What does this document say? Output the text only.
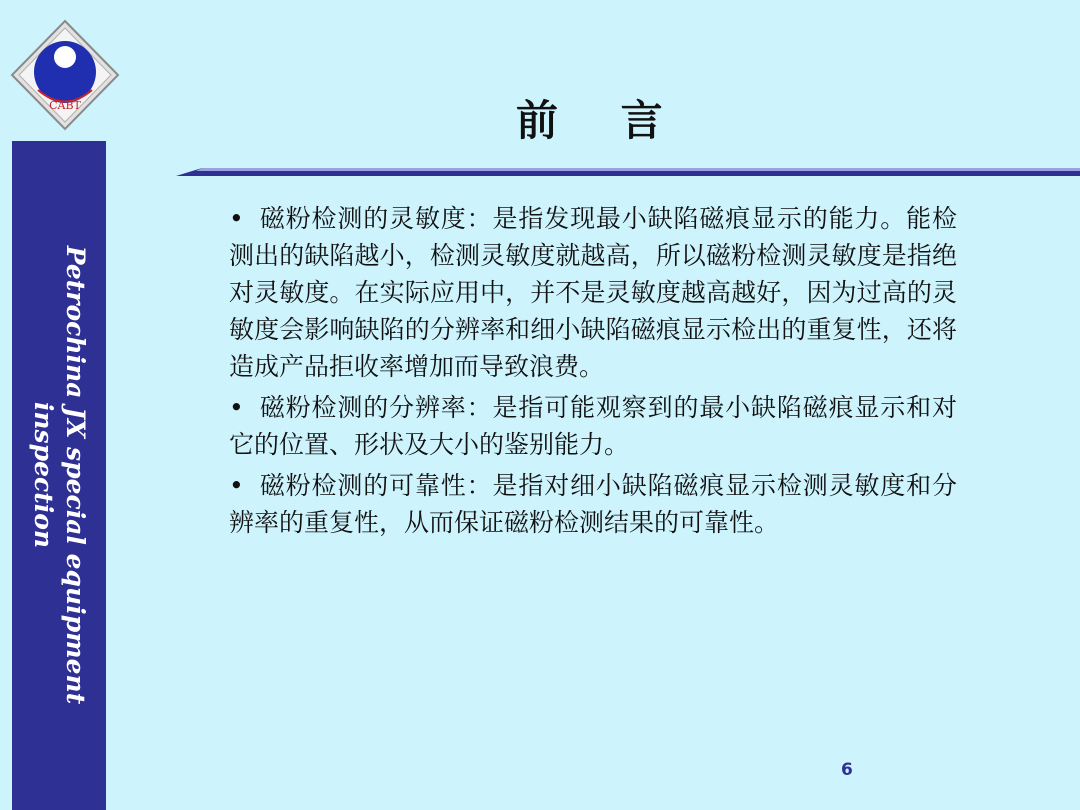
CABT
Petrochina JX special equipment inspection
前 言

• 磁粉检测的灵敏度：是指发现最小缺陷磁痕显示的能力。能检测出的缺陷越小，检测灵敏度就越高，所以磁粉检测灵敏度是指绝对灵敏度。在实际应用中，并不是灵敏度越高越好，因为过高的灵敏度会影响缺陷的分辨率和细小缺陷磁痕显示检出的重复性，还将造成产品拒收率增加而导致浪费。

• 磁粉检测的分辨率：是指可能观察到的最小缺陷磁痕显示和对它的位置、形状及大小的鉴别能力。

• 磁粉检测的可靠性：是指对细小缺陷磁痕显示检测灵敏度和分辨率的重复性，从而保证磁粉检测结果的可靠性。

6
